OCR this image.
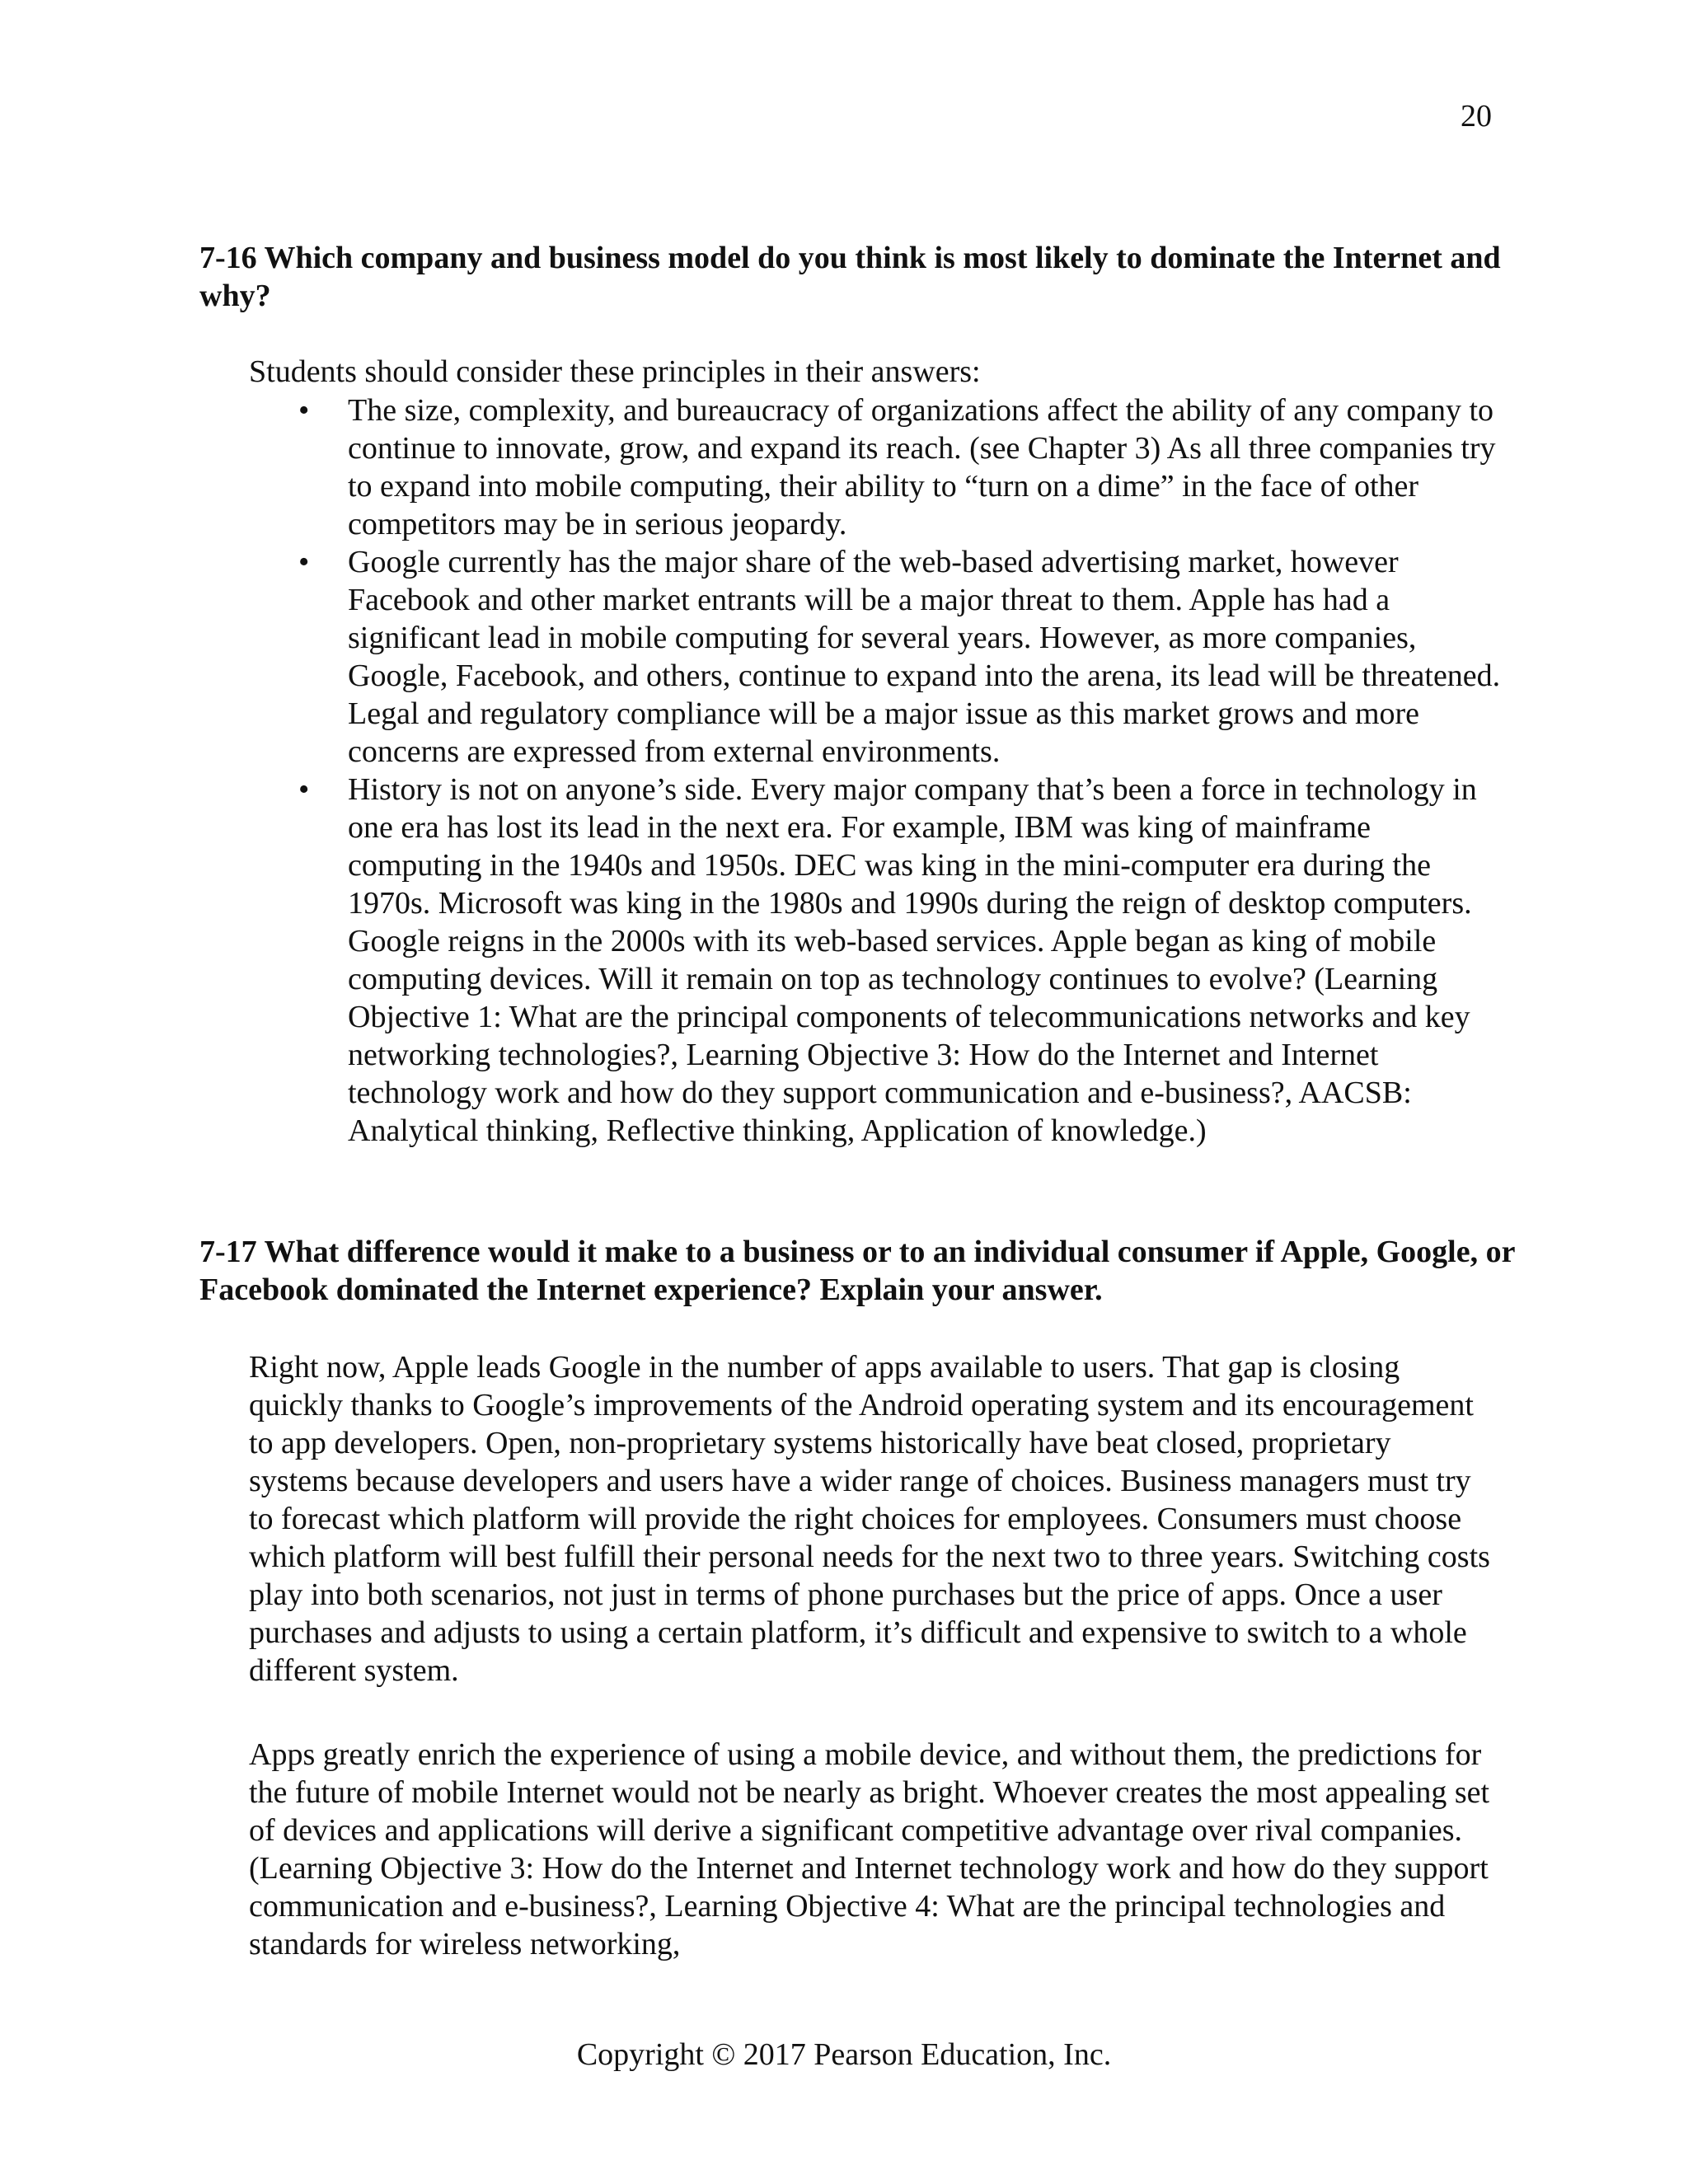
20
7-16 Which company and business model do you think is most likely to dominate the Internet and why?

Students should consider these principles in their answers:

•	The size, complexity, and bureaucracy of organizations affect the ability of any company to continue to innovate, grow, and expand its reach. (see Chapter 3) As all three companies try to expand into mobile computing, their ability to “turn on a dime” in the face of other competitors may be in serious jeopardy.
•	Google currently has the major share of the web-based advertising market, however Facebook and other market entrants will be a major threat to them. Apple has had a significant lead in mobile computing for several years. However, as more companies, Google, Facebook, and others, continue to expand into the arena, its lead will be threatened. Legal and regulatory compliance will be a major issue as this market grows and more concerns are expressed from external environments.
•	History is not on anyone’s side. Every major company that’s been a force in technology in one era has lost its lead in the next era. For example, IBM was king of mainframe computing in the 1940s and 1950s. DEC was king in the mini-computer era during the 1970s. Microsoft was king in the 1980s and 1990s during the reign of desktop computers. Google reigns in the 2000s with its web-based services. Apple began as king of mobile computing devices. Will it remain on top as technology continues to evolve? (Learning Objective 1: What are the principal components of telecommunications networks and key networking technologies?, Learning Objective 3: How do the Internet and Internet technology work and how do they support communication and e-business?, AACSB: Analytical thinking, Reflective thinking, Application of knowledge.)
7-17 What difference would it make to a business or to an individual consumer if Apple, Google, or Facebook dominated the Internet experience? Explain your answer.

Right now, Apple leads Google in the number of apps available to users. That gap is closing quickly thanks to Google’s improvements of the Android operating system and its encouragement to app developers. Open, non-proprietary systems historically have beat closed, proprietary systems because developers and users have a wider range of choices. Business managers must try to forecast which platform will provide the right choices for employees. Consumers must choose which platform will best fulfill their personal needs for the next two to three years. Switching costs play into both scenarios, not just in terms of phone purchases but the price of apps. Once a user purchases and adjusts to using a certain platform, it’s difficult and expensive to switch to a whole different system.

Apps greatly enrich the experience of using a mobile device, and without them, the predictions for the future of mobile Internet would not be nearly as bright. Whoever creates the most appealing set of devices and applications will derive a significant competitive advantage over rival companies. (Learning Objective 3: How do the Internet and Internet technology work and how do they support communication and e-business?, Learning Objective 4: What are the principal technologies and standards for wireless networking,

Copyright © 2017 Pearson Education, Inc.
